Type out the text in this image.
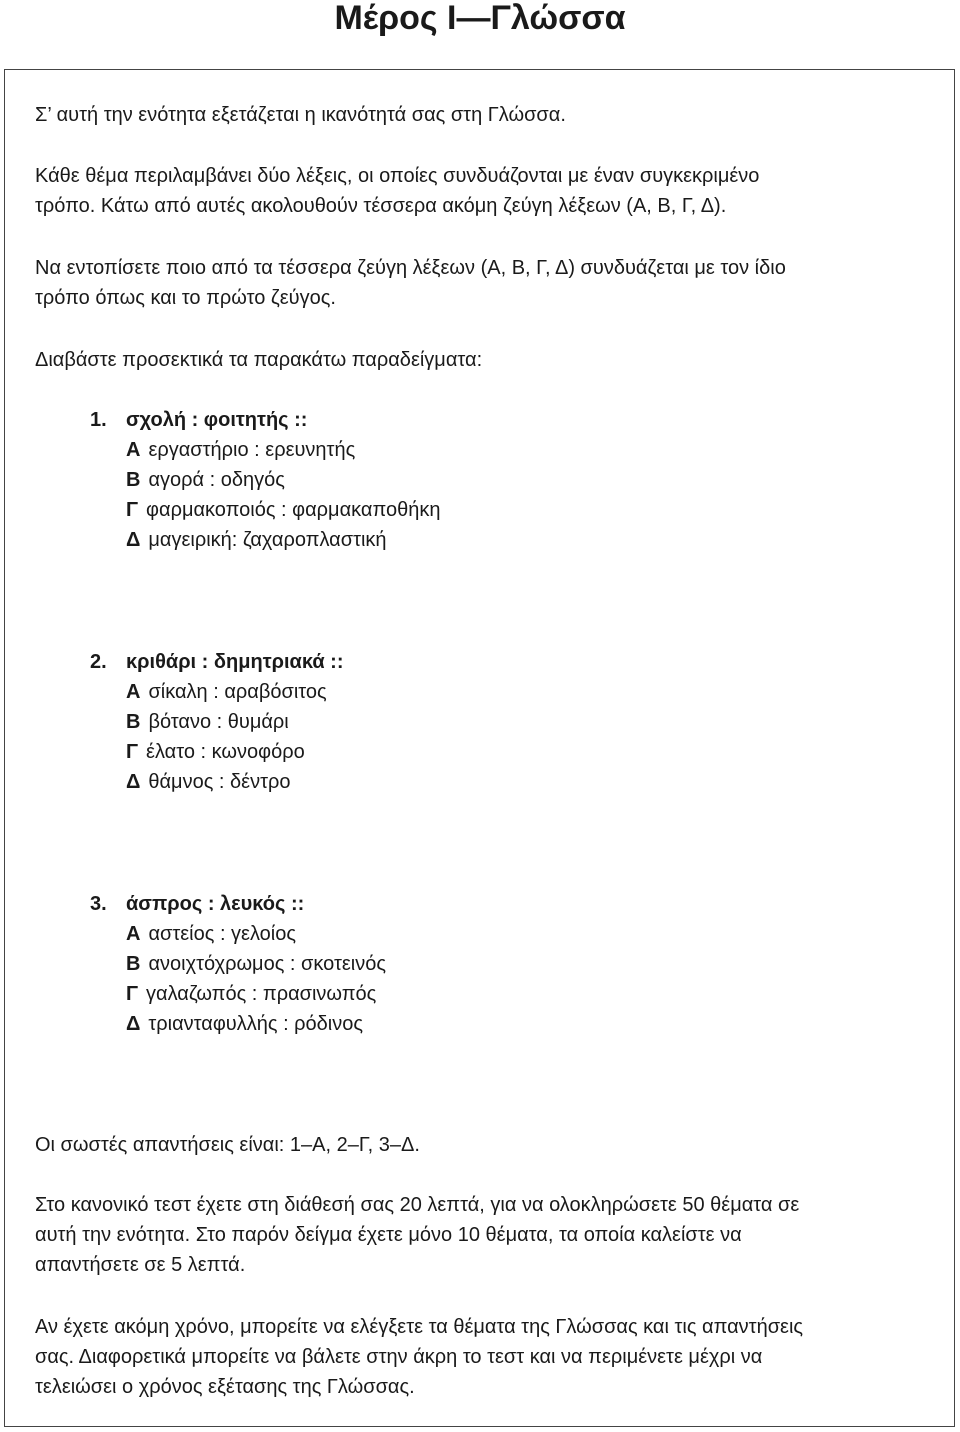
Μέρος Ι—Γλώσσα

Σ’ αυτή την ενότητα εξετάζεται η ικανότητά σας στη Γλώσσα.

Κάθε θέμα περιλαμβάνει δύο λέξεις, οι οποίες συνδυάζονται με έναν συγκεκριμένο

τρόπο. Κάτω από αυτές ακολουθούν τέσσερα ακόμη ζεύγη λέξεων (Α, Β, Γ, Δ).

Να εντοπίσετε ποιο από τα τέσσερα ζεύγη λέξεων (Α, Β, Γ, Δ) συνδυάζεται με τον ίδιο

τρόπο όπως και το πρώτο ζεύγος.

Διαβάστε προσεκτικά τα παρακάτω παραδείγματα:

1. σχολή : φοιτητής ::
Α εργαστήριο : ερευνητής
Β αγορά : οδηγός
Γ φαρμακοποιός : φαρμακαποθήκη
Δ μαγειρική: ζαχαροπλαστική
2. κριθάρι : δημητριακά ::
Α σίκαλη : αραβόσιτος
Β βότανο : θυμάρι
Γ έλατο : κωνοφόρο
Δ θάμνος : δέντρο
3. άσπρος : λευκός ::
Α αστείος : γελοίος
Β ανοιχτόχρωμος : σκοτεινός
Γ γαλαζωπός : πρασινωπός
Δ τριανταφυλλής : ρόδινος

Οι σωστές απαντήσεις είναι: 1–Α, 2–Γ, 3–Δ.

Στο κανονικό τεστ έχετε στη διάθεσή σας 20 λεπτά, για να ολοκληρώσετε 50 θέματα σε

αυτή την ενότητα. Στο παρόν δείγμα έχετε μόνο 10 θέματα, τα οποία καλείστε να

απαντήσετε σε 5 λεπτά.

Αν έχετε ακόμη χρόνο, μπορείτε να ελέγξετε τα θέματα της Γλώσσας και τις απαντήσεις

σας. Διαφορετικά μπορείτε να βάλετε στην άκρη το τεστ και να περιμένετε μέχρι να

τελειώσει ο χρόνος εξέτασης της Γλώσσας.
